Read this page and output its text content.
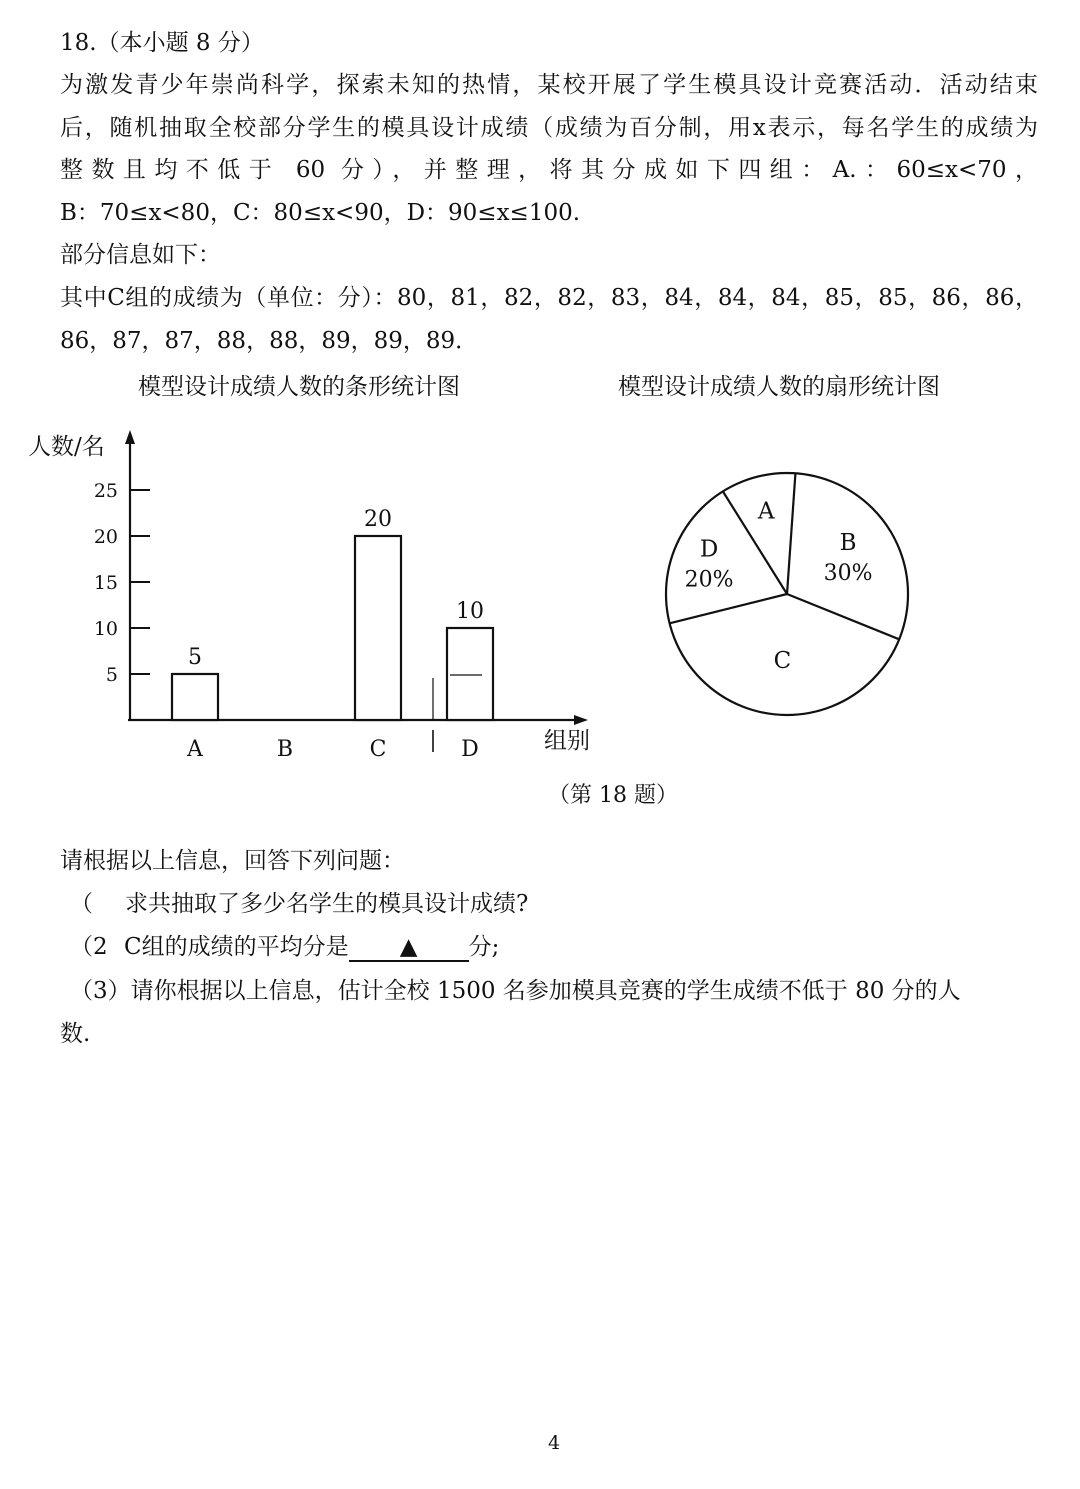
18.（本小题 8 分）
为激发青少年崇尚科学，探索未知的热情，某校开展了学生模具设计竞赛活动．活动结束
后，随机抽取全校部分学生的模具设计成绩（成绩为百分制，用x表示，每名学生的成绩为
整数且均不低于 60 分），并整理，将其分成如下四组：A.：60≤x<70，
B：70≤x<80，C：80≤x<90，D：90≤x≤100.
部分信息如下：
其中C组的成绩为（单位：分）：80，81，82，82，83，84，84，84，85，85，86，86，
86，87，87，88，88，89，89，89．
模型设计成绩人数的条形统计图	模型设计成绩人数的扇形统计图
人数/名
5
10
15
20
25
5
A	B
20
C
10
D	组别
B
30%
C
D
20%
A
（第 18 题）
请根据以上信息，回答下列问题：
（ 求共抽取了多少名学生的模具设计成绩?
（2 C组的成绩的平均分是 ▲ 分;
（3）请你根据以上信息，估计全校 1500 名参加模具竞赛的学生成绩不低于 80 分的人
数.
4
